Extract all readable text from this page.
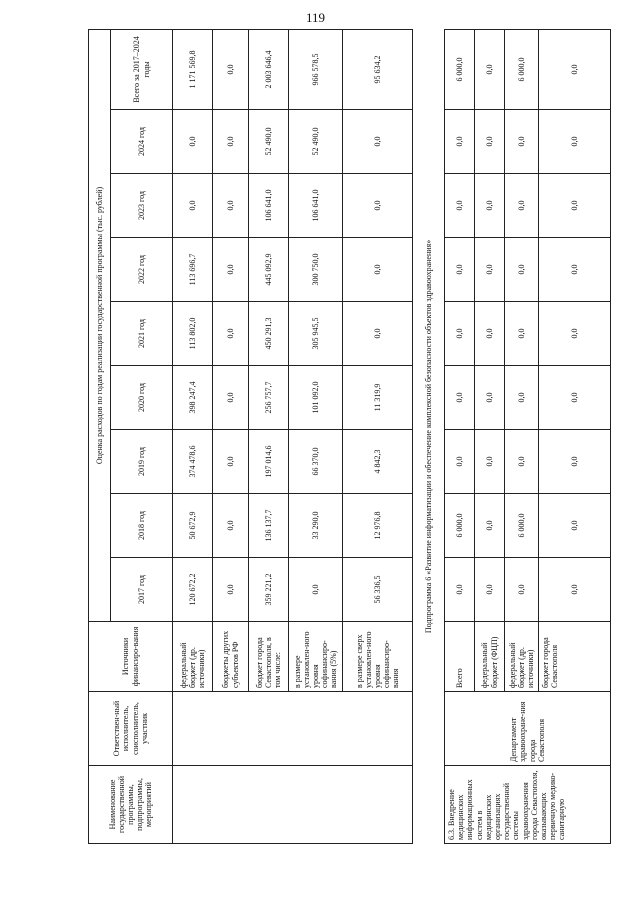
119
Наименование государственной программы, подпрограммы, мероприятий	Ответствен-ный исполнитель, соисполнитель, участник	Источники финансиро-вания	Оценка расходов по годам реализации государственной программы (тыс. рублей)								
			2017 год	2018 год	2019 год	2020 год	2021 год	2022 год	2023 год	2024 год	Всего за 2017–2024 годы
		федеральный бюджет (др. источники)	120 672,2	50 672,9	374 478,6	398 247,4	113 802,0	113 696,7	0,0	0,0	1 171 569,8
		бюджеты других субъектов РФ	0,0	0,0	0,0	0,0	0,0	0,0	0,0	0,0	0,0
		бюджет города Севастополя, в том числе:	359 221,2	136 137,7	197 014,6	256 757,7	450 291,3	445 092,9	106 641,0	52 490,0	2 003 646,4
		в размере установлен-ного уровня софинансиро-вания (5%)	0,0	33 290,0	66 370,0	101 092,0	305 945,5	300 750,0	106 641,0	52 490,0	966 578,5
		в размере сверх установлен-ного уровня софинансиро-вания	56 336,5	12 976,8	4 842,3	11 319,9	0,0	0,0	0,0	0,0	95 634,2
Подпрограмма 6 «Развитие информатизации и обеспечение комплексной безопасности объектов здравоохранения»											
6.3. Внедрение медицинских информационных систем в медицинских организациях государственной системы здравоохранения города Севастополя, оказывающих первичную медико-санитарную	Департамент здравоохране-ния города Севастополя	Всего	0,0	6 000,0	0,0	0,0	0,0	0,0	0,0	0,0	6 000,0
		федеральный бюджет (ФЦП)	0,0	0,0	0,0	0,0	0,0	0,0	0,0	0,0	0,0
		федеральный бюджет (др. источники)	0,0	6 000,0	0,0	0,0	0,0	0,0	0,0	0,0	6 000,0
		бюджет города Севастополя	0,0	0,0	0,0	0,0	0,0	0,0	0,0	0,0	0,0
